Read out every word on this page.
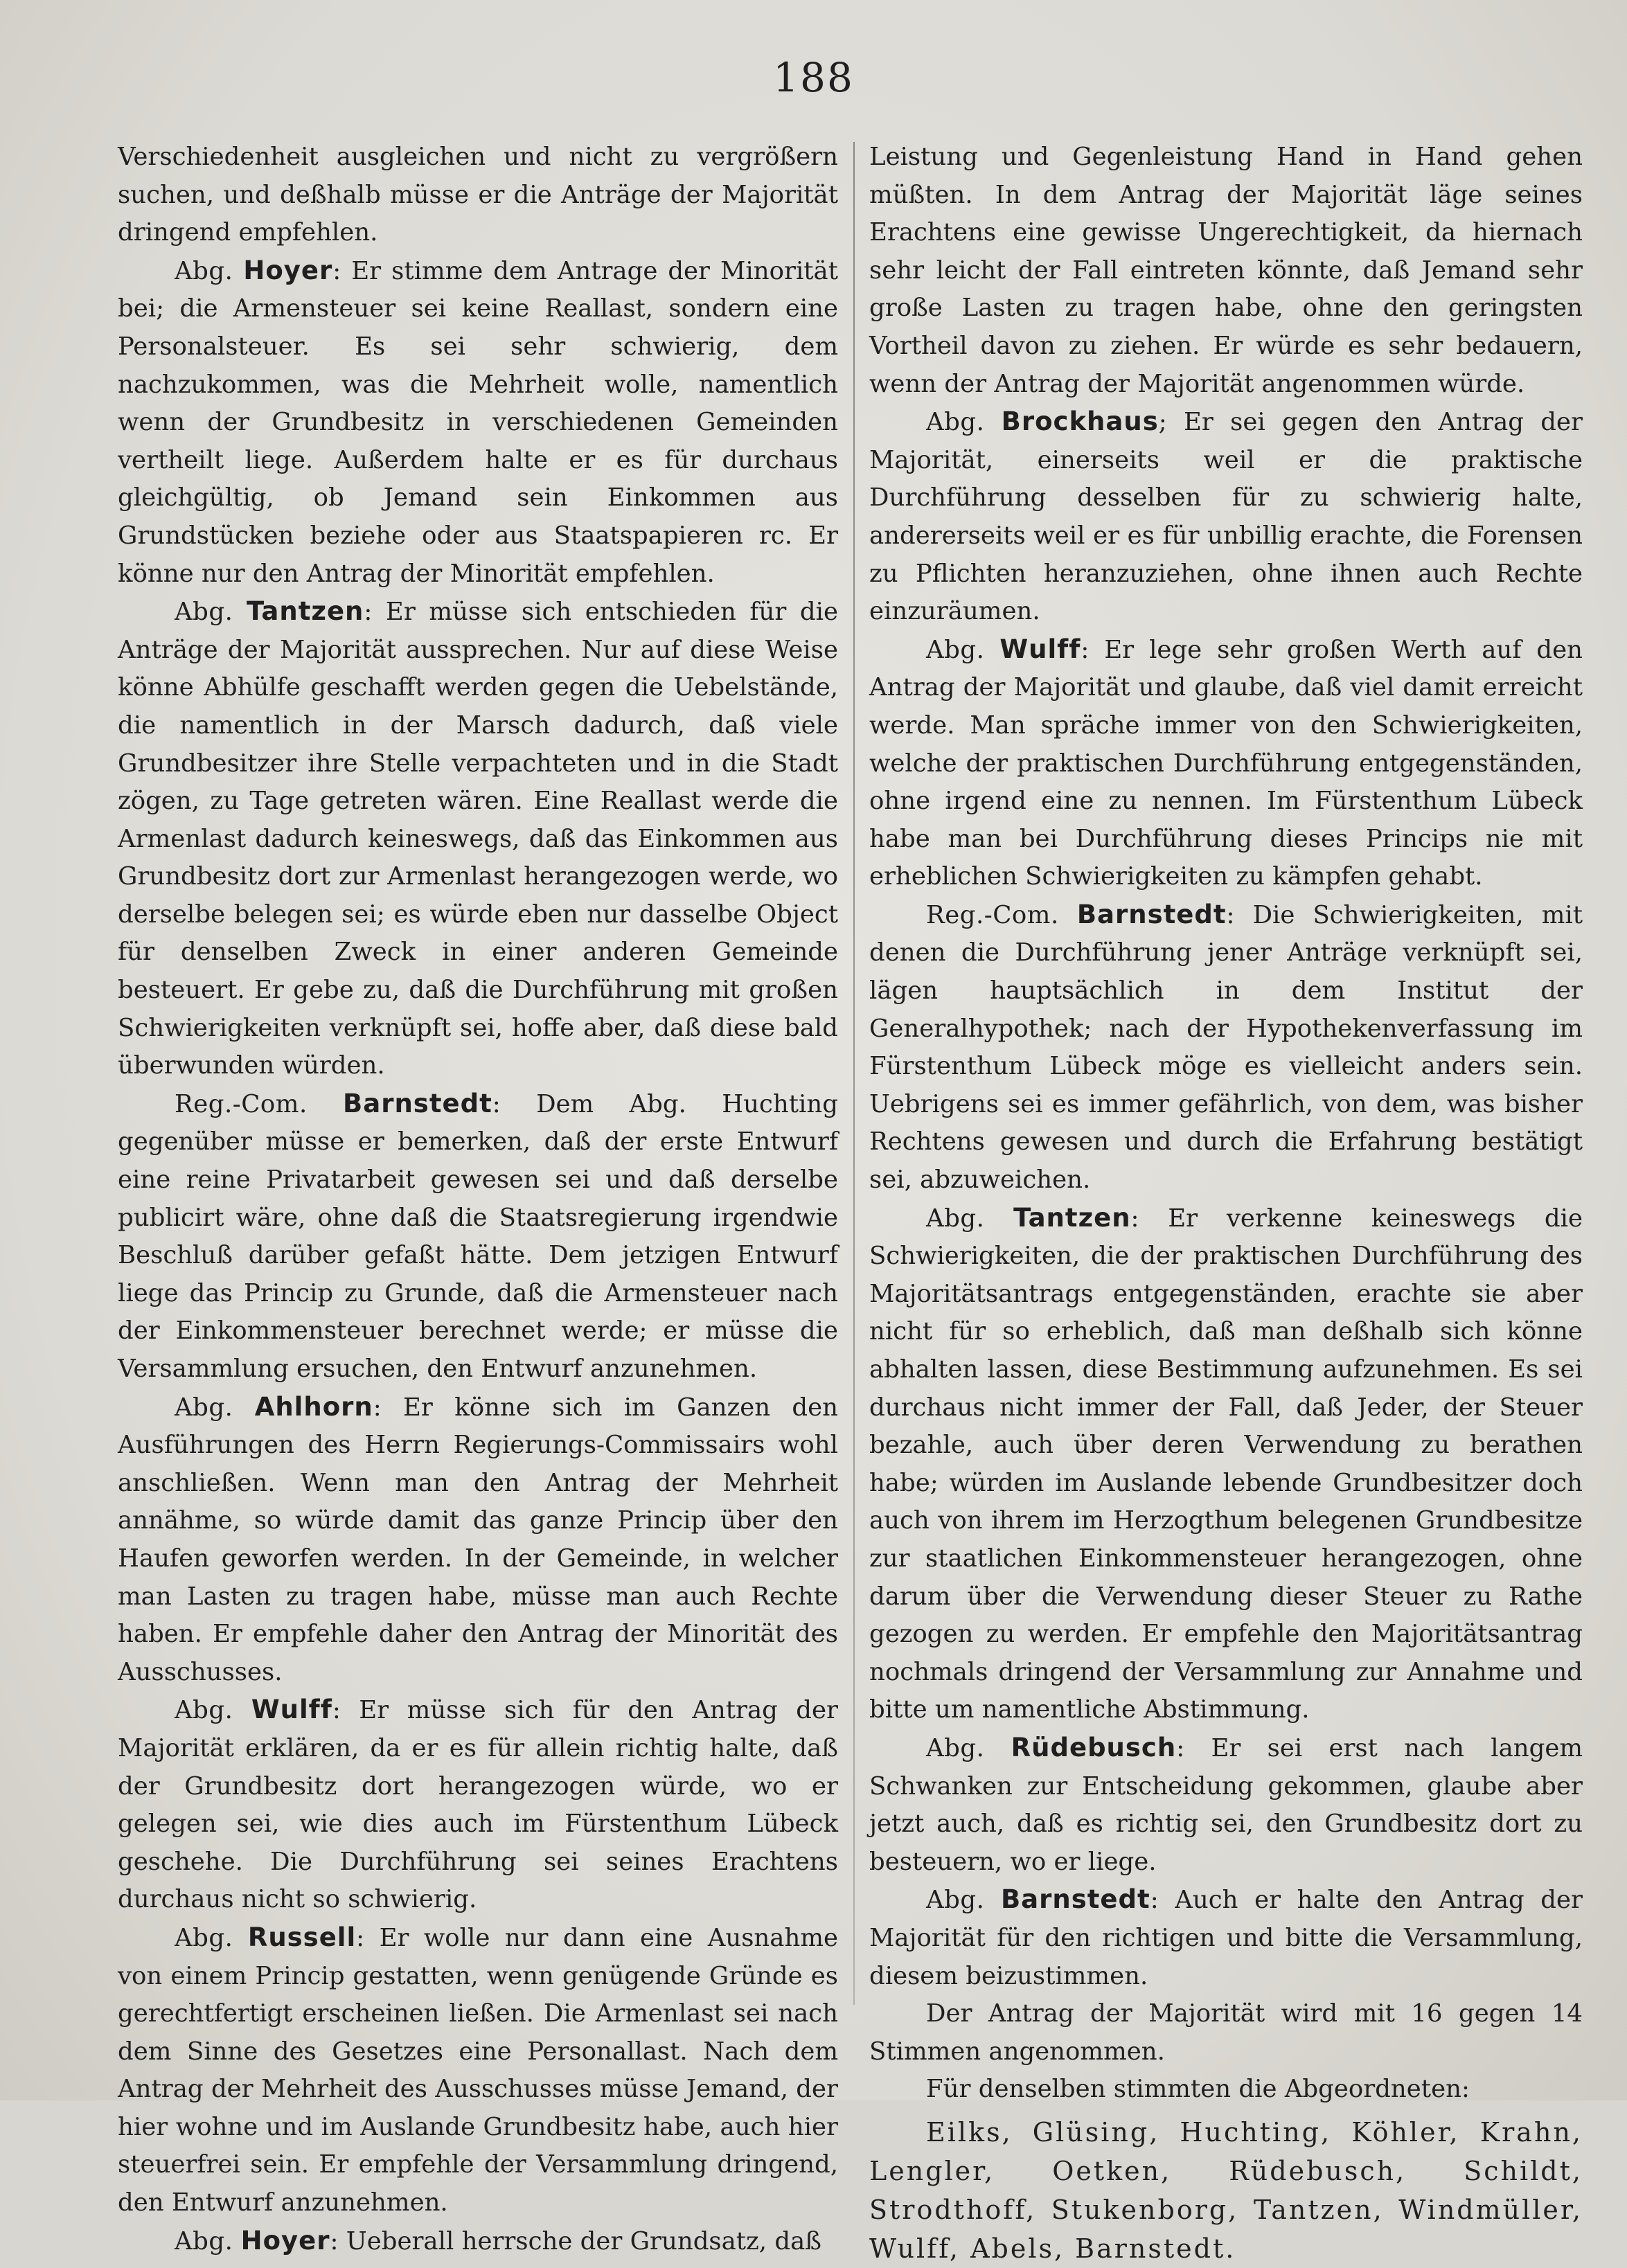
188

Verschiedenheit ausgleichen und nicht zu vergrößern suchen, und deßhalb müsse er die Anträge der Majorität dringend empfehlen.

Abg. Hoyer: Er stimme dem Antrage der Minorität bei; die Armensteuer sei keine Reallast, sondern eine Personalsteuer. Es sei sehr schwierig, dem nachzukommen, was die Mehrheit wolle, namentlich wenn der Grundbesitz in verschiedenen Gemeinden vertheilt liege. Außerdem halte er es für durchaus gleichgültig, ob Jemand sein Einkommen aus Grundstücken beziehe oder aus Staatspapieren rc. Er könne nur den Antrag der Minorität empfehlen.

Abg. Tantzen: Er müsse sich entschieden für die Anträge der Majorität aussprechen. Nur auf diese Weise könne Abhülfe geschafft werden gegen die Uebelstände, die namentlich in der Marsch dadurch, daß viele Grundbesitzer ihre Stelle verpachteten und in die Stadt zögen, zu Tage getreten wären. Eine Reallast werde die Armenlast dadurch keineswegs, daß das Einkommen aus Grundbesitz dort zur Armenlast herangezogen werde, wo derselbe belegen sei; es würde eben nur dasselbe Object für denselben Zweck in einer anderen Gemeinde besteuert. Er gebe zu, daß die Durchführung mit großen Schwierigkeiten verknüpft sei, hoffe aber, daß diese bald überwunden würden.

Reg.-Com. Barnstedt: Dem Abg. Huchting gegenüber müsse er bemerken, daß der erste Entwurf eine reine Privatarbeit gewesen sei und daß derselbe publicirt wäre, ohne daß die Staatsregierung irgendwie Beschluß darüber gefaßt hätte. Dem jetzigen Entwurf liege das Princip zu Grunde, daß die Armensteuer nach der Einkommensteuer berechnet werde; er müsse die Versammlung ersuchen, den Entwurf anzunehmen.

Abg. Ahlhorn: Er könne sich im Ganzen den Ausführungen des Herrn Regierungs-Commissairs wohl anschließen. Wenn man den Antrag der Mehrheit annähme, so würde damit das ganze Princip über den Haufen geworfen werden. In der Gemeinde, in welcher man Lasten zu tragen habe, müsse man auch Rechte haben. Er empfehle daher den Antrag der Minorität des Ausschusses.

Abg. Wulff: Er müsse sich für den Antrag der Majorität erklären, da er es für allein richtig halte, daß der Grundbesitz dort herangezogen würde, wo er gelegen sei, wie dies auch im Fürstenthum Lübeck geschehe. Die Durchführung sei seines Erachtens durchaus nicht so schwierig.

Abg. Russell: Er wolle nur dann eine Ausnahme von einem Princip gestatten, wenn genügende Gründe es gerechtfertigt erscheinen ließen. Die Armenlast sei nach dem Sinne des Gesetzes eine Personallast. Nach dem Antrag der Mehrheit des Ausschusses müsse Jemand, der hier wohne und im Auslande Grundbesitz habe, auch hier steuerfrei sein. Er empfehle der Versammlung dringend, den Entwurf anzunehmen.

Abg. Hoyer: Ueberall herrsche der Grundsatz, daß

Leistung und Gegenleistung Hand in Hand gehen müßten. In dem Antrag der Majorität läge seines Erachtens eine gewisse Ungerechtigkeit, da hiernach sehr leicht der Fall eintreten könnte, daß Jemand sehr große Lasten zu tragen habe, ohne den geringsten Vortheil davon zu ziehen. Er würde es sehr bedauern, wenn der Antrag der Majorität angenommen würde.

Abg. Brockhaus; Er sei gegen den Antrag der Majorität, einerseits weil er die praktische Durchführung desselben für zu schwierig halte, andererseits weil er es für unbillig erachte, die Forensen zu Pflichten heranzuziehen, ohne ihnen auch Rechte einzuräumen.

Abg. Wulff: Er lege sehr großen Werth auf den Antrag der Majorität und glaube, daß viel damit erreicht werde. Man spräche immer von den Schwierigkeiten, welche der praktischen Durchführung entgegenständen, ohne irgend eine zu nennen. Im Fürstenthum Lübeck habe man bei Durchführung dieses Princips nie mit erheblichen Schwierigkeiten zu kämpfen gehabt.

Reg.-Com. Barnstedt: Die Schwierigkeiten, mit denen die Durchführung jener Anträge verknüpft sei, lägen hauptsächlich in dem Institut der Generalhypothek; nach der Hypothekenverfassung im Fürstenthum Lübeck möge es vielleicht anders sein. Uebrigens sei es immer gefährlich, von dem, was bisher Rechtens gewesen und durch die Erfahrung bestätigt sei, abzuweichen.

Abg. Tantzen: Er verkenne keineswegs die Schwierigkeiten, die der praktischen Durchführung des Majoritätsantrags entgegenständen, erachte sie aber nicht für so erheblich, daß man deßhalb sich könne abhalten lassen, diese Bestimmung aufzunehmen. Es sei durchaus nicht immer der Fall, daß Jeder, der Steuer bezahle, auch über deren Verwendung zu berathen habe; würden im Auslande lebende Grundbesitzer doch auch von ihrem im Herzogthum belegenen Grundbesitze zur staatlichen Einkommensteuer herangezogen, ohne darum über die Verwendung dieser Steuer zu Rathe gezogen zu werden. Er empfehle den Majoritätsantrag nochmals dringend der Versammlung zur Annahme und bitte um namentliche Abstimmung.

Abg. Rüdebusch: Er sei erst nach langem Schwanken zur Entscheidung gekommen, glaube aber jetzt auch, daß es richtig sei, den Grundbesitz dort zu besteuern, wo er liege.

Abg. Barnstedt: Auch er halte den Antrag der Majorität für den richtigen und bitte die Versammlung, diesem beizustimmen.

Der Antrag der Majorität wird mit 16 gegen 14 Stimmen angenommen.

Für denselben stimmten die Abgeordneten:

Eilks, Glüsing, Huchting, Köhler, Krahn, Lengler, Oetken, Rüdebusch, Schildt, Strodthoff, Stukenborg, Tantzen, Windmüller, Wulff, Abels, Barnstedt.
